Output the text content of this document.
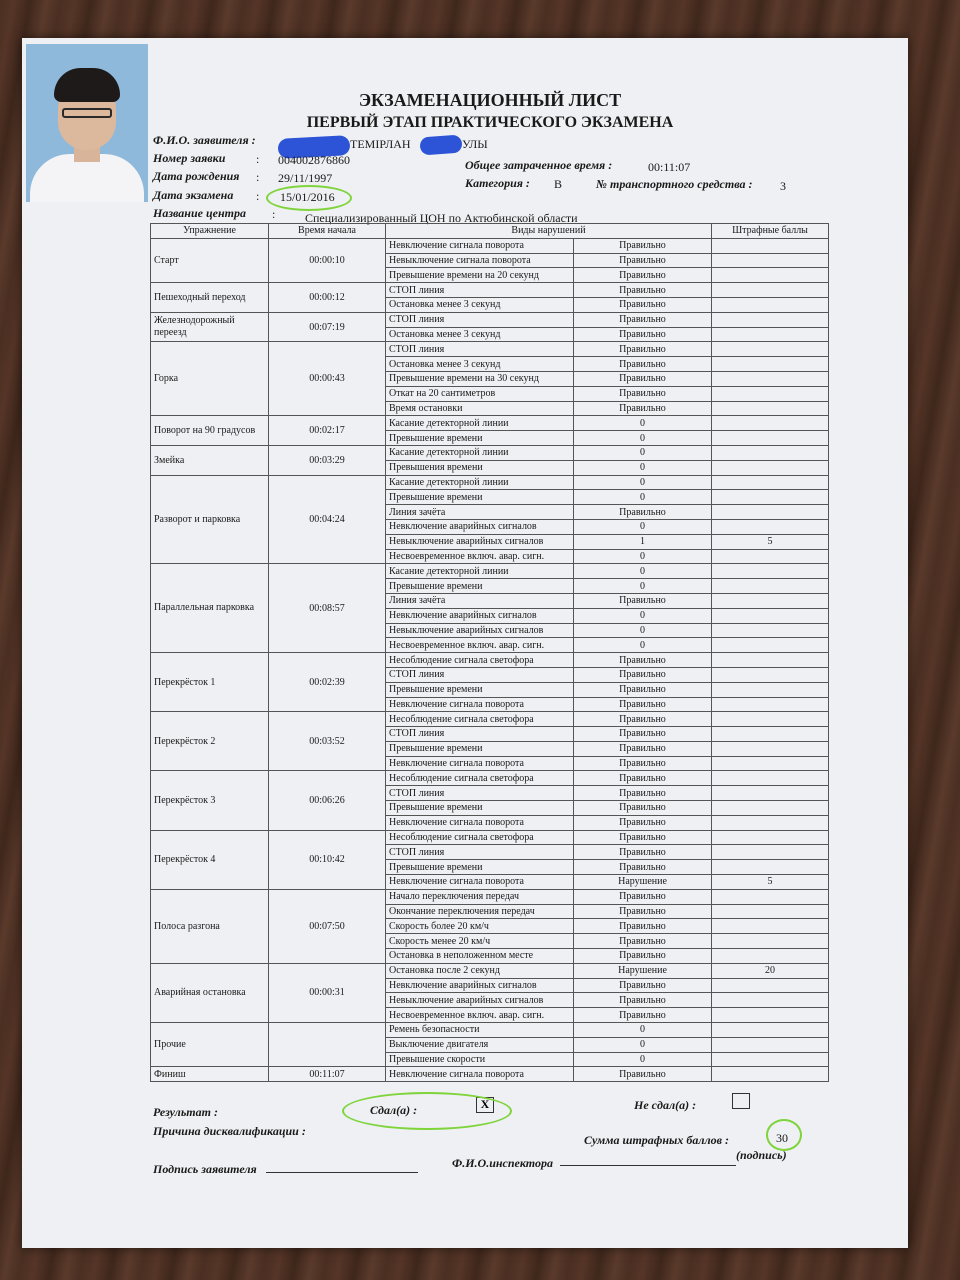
ЭКЗАМЕНАЦИОННЫЙ ЛИСТ
ПЕРВЫЙ ЭТАП ПРАКТИЧЕСКОГО ЭКЗАМЕНА
Ф.И.О. заявителя :	ТЕМІРЛАН	УЛЫ
Номер заявки	: 004002876860
Дата рождения : 29/11/1997
Дата экзамена : 15/01/2016
Название центра : Специализированный ЦОН по Актюбинской области
Общее затраченное время :	00:11:07
Категория : B	№ транспортного средства : 3
Упражнение	Время начала	Виды нарушений		Штрафные баллы
Старт	00:00:10	Невключение сигнала поворота	Правильно	
		Невыключение сигнала поворота	Правильно	
		Превышение времени на 20 секунд	Правильно	
Пешеходный переход	00:00:12	СТОП линия	Правильно	
		Остановка менее 3 секунд	Правильно	
Железнодорожный переезд	00:07:19	СТОП линия	Правильно	
		Остановка менее 3 секунд	Правильно	
Горка	00:00:43	СТОП линия	Правильно	
		Остановка менее 3 секунд	Правильно	
		Превышение времени на 30 секунд	Правильно	
		Откат на 20 сантиметров	Правильно	
		Время остановки	Правильно	
Поворот на 90 градусов	00:02:17	Касание детекторной линии	0	
		Превышение времени	0	
Змейка	00:03:29	Касание детекторной линии	0	
		Превышения времени	0	
Разворот и парковка	00:04:24	Касание детекторной линии	0	
		Превышение времени	0	
		Линия зачёта	Правильно	
		Невключение аварийных сигналов	0	
		Невыключение аварийных сигналов	1	5
		Несвоевременное включ. авар. сигн.	0	
Параллельная парковка	00:08:57	Касание детекторной линии	0	
		Превышение времени	0	
		Линия зачёта	Правильно	
		Невключение аварийных сигналов	0	
		Невыключение аварийных сигналов	0	
		Несвоевременное включ. авар. сигн.	0	
Перекрёсток 1	00:02:39	Несоблюдение сигнала светофора	Правильно	
		СТОП линия	Правильно	
		Превышение времени	Правильно	
		Невключение сигнала поворота	Правильно	
Перекрёсток 2	00:03:52	Несоблюдение сигнала светофора	Правильно	
		СТОП линия	Правильно	
		Превышение времени	Правильно	
		Невключение сигнала поворота	Правильно	
Перекрёсток 3	00:06:26	Несоблюдение сигнала светофора	Правильно	
		СТОП линия	Правильно	
		Превышение времени	Правильно	
		Невключение сигнала поворота	Правильно	
Перекрёсток 4	00:10:42	Несоблюдение сигнала светофора	Правильно	
		СТОП линия	Правильно	
		Превышение времени	Правильно	
		Невключение сигнала поворота	Нарушение	5
Полоса разгона	00:07:50	Начало переключения передач	Правильно	
		Окончание переключения передач	Правильно	
		Скорость более 20 км/ч	Правильно	
		Скорость менее 20 км/ч	Правильно	
		Остановка в неположенном месте	Правильно	
Аварийная остановка	00:00:31	Остановка после 2 секунд	Нарушение	20
		Невключение аварийных сигналов	Правильно	
		Невыключение аварийных сигналов	Правильно	
		Несвоевременное включ. авар. сигн.	Правильно	
Прочие		Ремень безопасности	0	
		Выключение двигателя	0	
		Превышение скорости	0	
Финиш	00:11:07	Невключение сигнала поворота	Правильно	
Результат :	Сдал(а) :	X	Не сдал(а) :
Причина дисквалификации :
Сумма штрафных баллов :	30
Подпись заявителя	Ф.И.О.инспектора
(подпись)
